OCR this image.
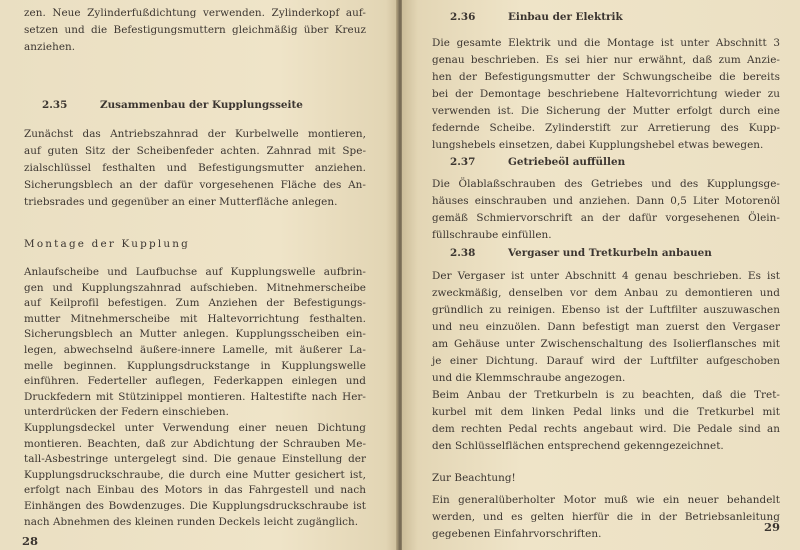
zen. Neue Zylinderfußdichtung verwenden. Zylinderkopf auf-
setzen und die Befestigungsmuttern gleichmäßig über Kreuz
anziehen.
2.35	Zusammenbau der Kupplungsseite
Zunächst das Antriebszahnrad der Kurbelwelle montieren,
auf guten Sitz der Scheibenfeder achten. Zahnrad mit Spe-
zialschlüssel festhalten und Befestigungsmutter anziehen.
Sicherungsblech an der dafür vorgesehenen Fläche des An-
triebsrades und gegenüber an einer Mutterfläche anlegen.
Montage der Kupplung
Anlaufscheibe und Laufbuchse auf Kupplungswelle aufbrin-
gen und Kupplungszahnrad aufschieben. Mitnehmerscheibe
auf Keilprofil befestigen. Zum Anziehen der Befestigungs-
mutter Mitnehmerscheibe mit Haltevorrichtung festhalten.
Sicherungsblech an Mutter anlegen. Kupplungsscheiben ein-
legen, abwechselnd äußere-innere Lamelle, mit äußerer La-
melle beginnen. Kupplungsdruckstange in Kupplungswelle
einführen. Federteller auflegen, Federkappen einlegen und
Druckfedern mit Stützinippel montieren. Haltestifte nach Her-
unterdrücken der Federn einschieben.
Kupplungsdeckel unter Verwendung einer neuen Dichtung
montieren. Beachten, daß zur Abdichtung der Schrauben Me-
tall-Asbestringe untergelegt sind. Die genaue Einstellung der
Kupplungsdruckschraube, die durch eine Mutter gesichert ist,
erfolgt nach Einbau des Motors in das Fahrgestell und nach
Einhängen des Bowdenzuges. Die Kupplungsdruckschraube ist
nach Abnehmen des kleinen runden Deckels leicht zugänglich.
28
2.36	Einbau der Elektrik
Die gesamte Elektrik und die Montage ist unter Abschnitt 3
genau beschrieben. Es sei hier nur erwähnt, daß zum Anzie-
hen der Befestigungsmutter der Schwungscheibe die bereits
bei der Demontage beschriebene Haltevorrichtung wieder zu
verwenden ist. Die Sicherung der Mutter erfolgt durch eine
federnde Scheibe. Zylinderstift zur Arretierung des Kupp-
lungshebels einsetzen, dabei Kupplungshebel etwas bewegen.
2.37	Getriebeöl auffüllen
Die Ölablaßschrauben des Getriebes und des Kupplungsge-
häuses einschrauben und anziehen. Dann 0,5 Liter Motorenöl
gemäß Schmiervorschrift an der dafür vorgesehenen Ölein-
füllschraube einfüllen.
2.38	Vergaser und Tretkurbeln anbauen
Der Vergaser ist unter Abschnitt 4 genau beschrieben. Es ist
zweckmäßig, denselben vor dem Anbau zu demontieren und
gründlich zu reinigen. Ebenso ist der Luftfilter auszuwaschen
und neu einzuölen. Dann befestigt man zuerst den Vergaser
am Gehäuse unter Zwischenschaltung des Isolierflansches mit
je einer Dichtung. Darauf wird der Luftfilter aufgeschoben
und die Klemmschraube angezogen.
Beim Anbau der Tretkurbeln is zu beachten, daß die Tret-
kurbel mit dem linken Pedal links und die Tretkurbel mit
dem rechten Pedal rechts angebaut wird. Die Pedale sind an
den Schlüsselflächen entsprechend gekenngezeichnet.
Zur Beachtung!
Ein generalüberholter Motor muß wie ein neuer behandelt
werden, und es gelten hierfür die in der Betriebsanleitung
gegebenen Einfahrvorschriften.	29
